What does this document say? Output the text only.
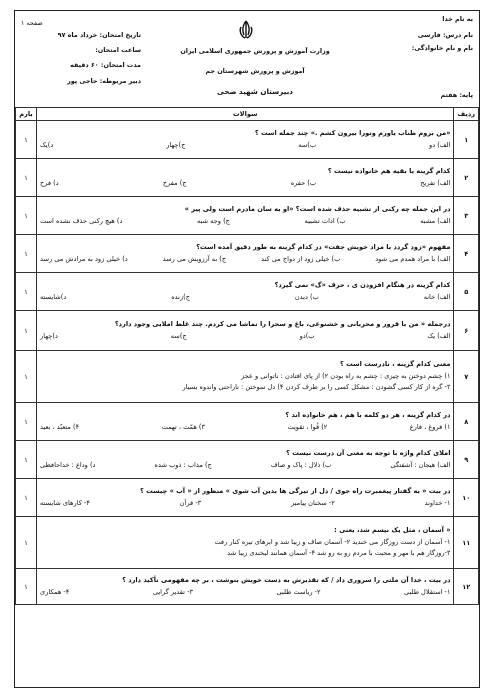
به نام خدا
نام درس: فارسی
نام و نام خانوادگی:
پایه: هفتم
وزارت آموزش و پرورش جمهوری اسلامی ایران
آموزش و پرورش شهرستان جم
دبیرستان شهید ضحی
صفحه ۱
تاریخ امتحان: خرداد ماه ۹۷
ساعت امتحان:
مدت امتحان: ۶۰ دقیقه
دبیر مربوطه: حاجی پور
ردیف	سوالات	بارم
۱	«من بروم طناب یاورم وتورا بیرون کشم .» چند جمله است ؟
الف) دو
ب)سه
ج)چهار
د)یک	۱
۲	کدام گزینه با بقیه هم خانواده نیست ؟
الف) تفریح
ب) حفره
ج) مفرح
د) فرح	۱
۳	در این جمله چه رکنی از تشبیه حذف شده است؟ «او به سان مادرم است ولی پیر »
الف) مشبه
ب) ادات تشبیه
ج) وجه شبه
د) هیچ رکنی حذف نشده است	۱
۴	مفهوم «زود گردد با مراد خویش جفت» در کدام گزینه به طور دقیق آمده است؟
الف) با مراد همدم می شود
ب) خیلی زود از دواج می کند
ج) به آرزویش می رسد
د) خیلی زود به مرادش می رسد	۱
۵	کدام گزینه در هنگام افزودن ی ، حرف «گ» نمی گیرد؟
الف) خانه
ب) دیدن
ج)زنده
د)شایسته	۱
۶	درجمله « من با قرور و محربانی و خشنوعی، باغ و سحرا را تماشا می کردم. چند غلط املایی وجود دارد؟
الف) یک
ب)دو
ج)سه
د)چهار	۱
۷	معنی کدام گزینه ، نادرست است ؟
۱) چشم دوختن به چیزی : چشم به راه بودن ۲) از پای افتادن : ناتوانی و عجز
۳- گره از کار کسی گشودن : مشکل کسی را بر طرف کردن ۴) دل سوختن : ناراحتی واندوه بسیار	۱
۸	در کدام گزینه ، هر دو کلمه با هم ، هم خانواده اند ؟
۱) فروغ ، فارغ
۲) قُوا ، تقویت
۳) همّت ، تهمت
۴) متعبّد ، بعید	۱
۹	املای کدام واژه با توجه به معنی آن درست نیست ؟
الف) هیجان : آشفتگی
ب) ذلال : پاک و صاف
ج) مذاب : ذوب شده
د) وداع : خداحافظی	۱
۱۰	در بیت « به گفتار پیغمبرت راه جوی / دل از تیرگی ها بدین آب شوی » منظور از « آب » چیست ؟
۱- خداوند
۲- سخنان پیامبر
۳- قرآن
۴- کارهای شایسته	۱
۱۱	« آسمان ، مثل یک نیسم شد، یعنی :
۱- آسمان از دست روزگار می خندید ۲- آسمان صاف و زیبا شد و ابرهای تیره کنار رفت
۳-روزگار هم با مهر و محبت با مردم رو به رو شد ۴- آسمان همانند لبخندی زیبا شد	۱
۱۲	در بیت ، خدا آن ملتی را سروری داد / که تقدیرش به دست خویش بنوشت ، بر چه مفهومی تأکید دارد ؟
۱- استقلال طلبی
۲- ریاست طلبی
۳- تقدیر گرایی
۴- همکاری	۱
